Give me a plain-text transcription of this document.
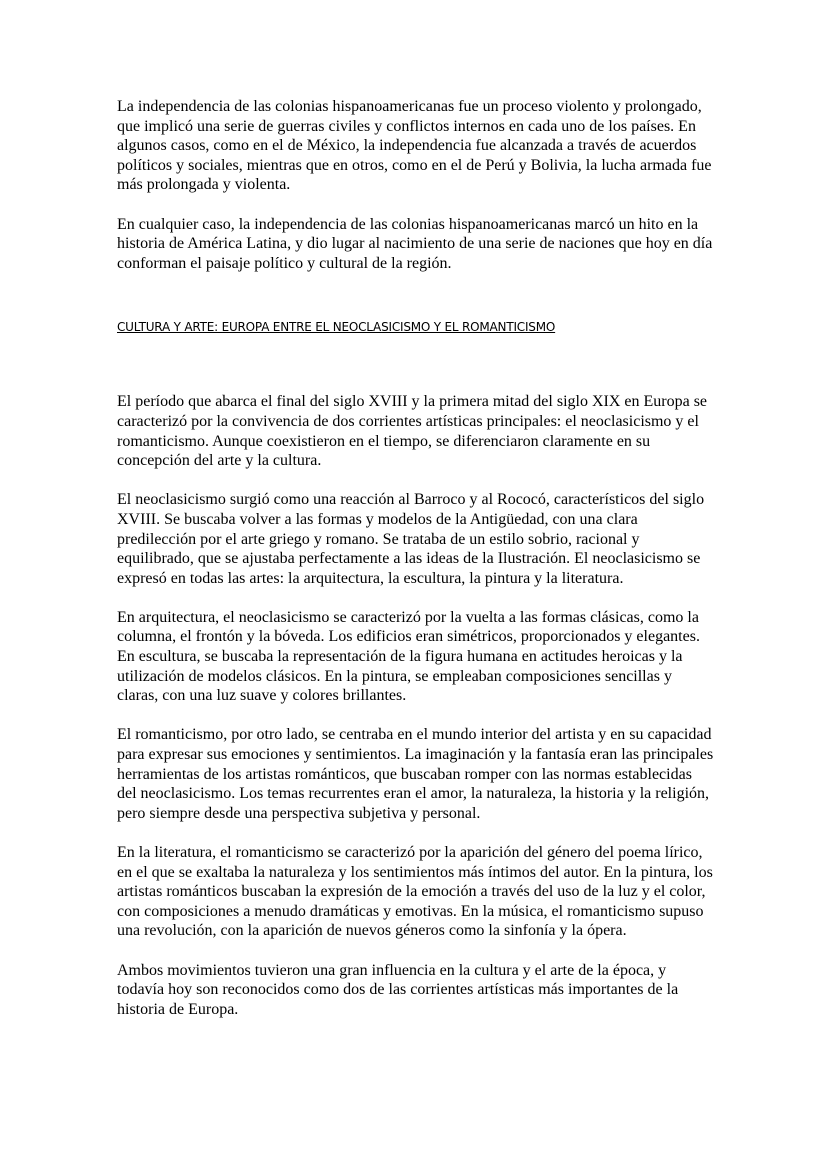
La independencia de las colonias hispanoamericanas fue un proceso violento y prolongado, que implicó una serie de guerras civiles y conflictos internos en cada uno de los países. En algunos casos, como en el de México, la independencia fue alcanzada a través de acuerdos políticos y sociales, mientras que en otros, como en el de Perú y Bolivia, la lucha armada fue más prolongada y violenta.

En cualquier caso, la independencia de las colonias hispanoamericanas marcó un hito en la historia de América Latina, y dio lugar al nacimiento de una serie de naciones que hoy en día conforman el paisaje político y cultural de la región.

CULTURA Y ARTE: EUROPA ENTRE EL NEOCLASICISMO Y EL ROMANTICISMO

El período que abarca el final del siglo XVIII y la primera mitad del siglo XIX en Europa se caracterizó por la convivencia de dos corrientes artísticas principales: el neoclasicismo y el romanticismo. Aunque coexistieron en el tiempo, se diferenciaron claramente en su concepción del arte y la cultura.

El neoclasicismo surgió como una reacción al Barroco y al Rococó, característicos del siglo XVIII. Se buscaba volver a las formas y modelos de la Antigüedad, con una clara predilección por el arte griego y romano. Se trataba de un estilo sobrio, racional y equilibrado, que se ajustaba perfectamente a las ideas de la Ilustración. El neoclasicismo se expresó en todas las artes: la arquitectura, la escultura, la pintura y la literatura.

En arquitectura, el neoclasicismo se caracterizó por la vuelta a las formas clásicas, como la columna, el frontón y la bóveda. Los edificios eran simétricos, proporcionados y elegantes. En escultura, se buscaba la representación de la figura humana en actitudes heroicas y la utilización de modelos clásicos. En la pintura, se empleaban composiciones sencillas y claras, con una luz suave y colores brillantes.

El romanticismo, por otro lado, se centraba en el mundo interior del artista y en su capacidad para expresar sus emociones y sentimientos. La imaginación y la fantasía eran las principales herramientas de los artistas románticos, que buscaban romper con las normas establecidas del neoclasicismo. Los temas recurrentes eran el amor, la naturaleza, la historia y la religión, pero siempre desde una perspectiva subjetiva y personal.

En la literatura, el romanticismo se caracterizó por la aparición del género del poema lírico, en el que se exaltaba la naturaleza y los sentimientos más íntimos del autor. En la pintura, los artistas románticos buscaban la expresión de la emoción a través del uso de la luz y el color, con composiciones a menudo dramáticas y emotivas. En la música, el romanticismo supuso una revolución, con la aparición de nuevos géneros como la sinfonía y la ópera.

Ambos movimientos tuvieron una gran influencia en la cultura y el arte de la época, y todavía hoy son reconocidos como dos de las corrientes artísticas más importantes de la historia de Europa.
